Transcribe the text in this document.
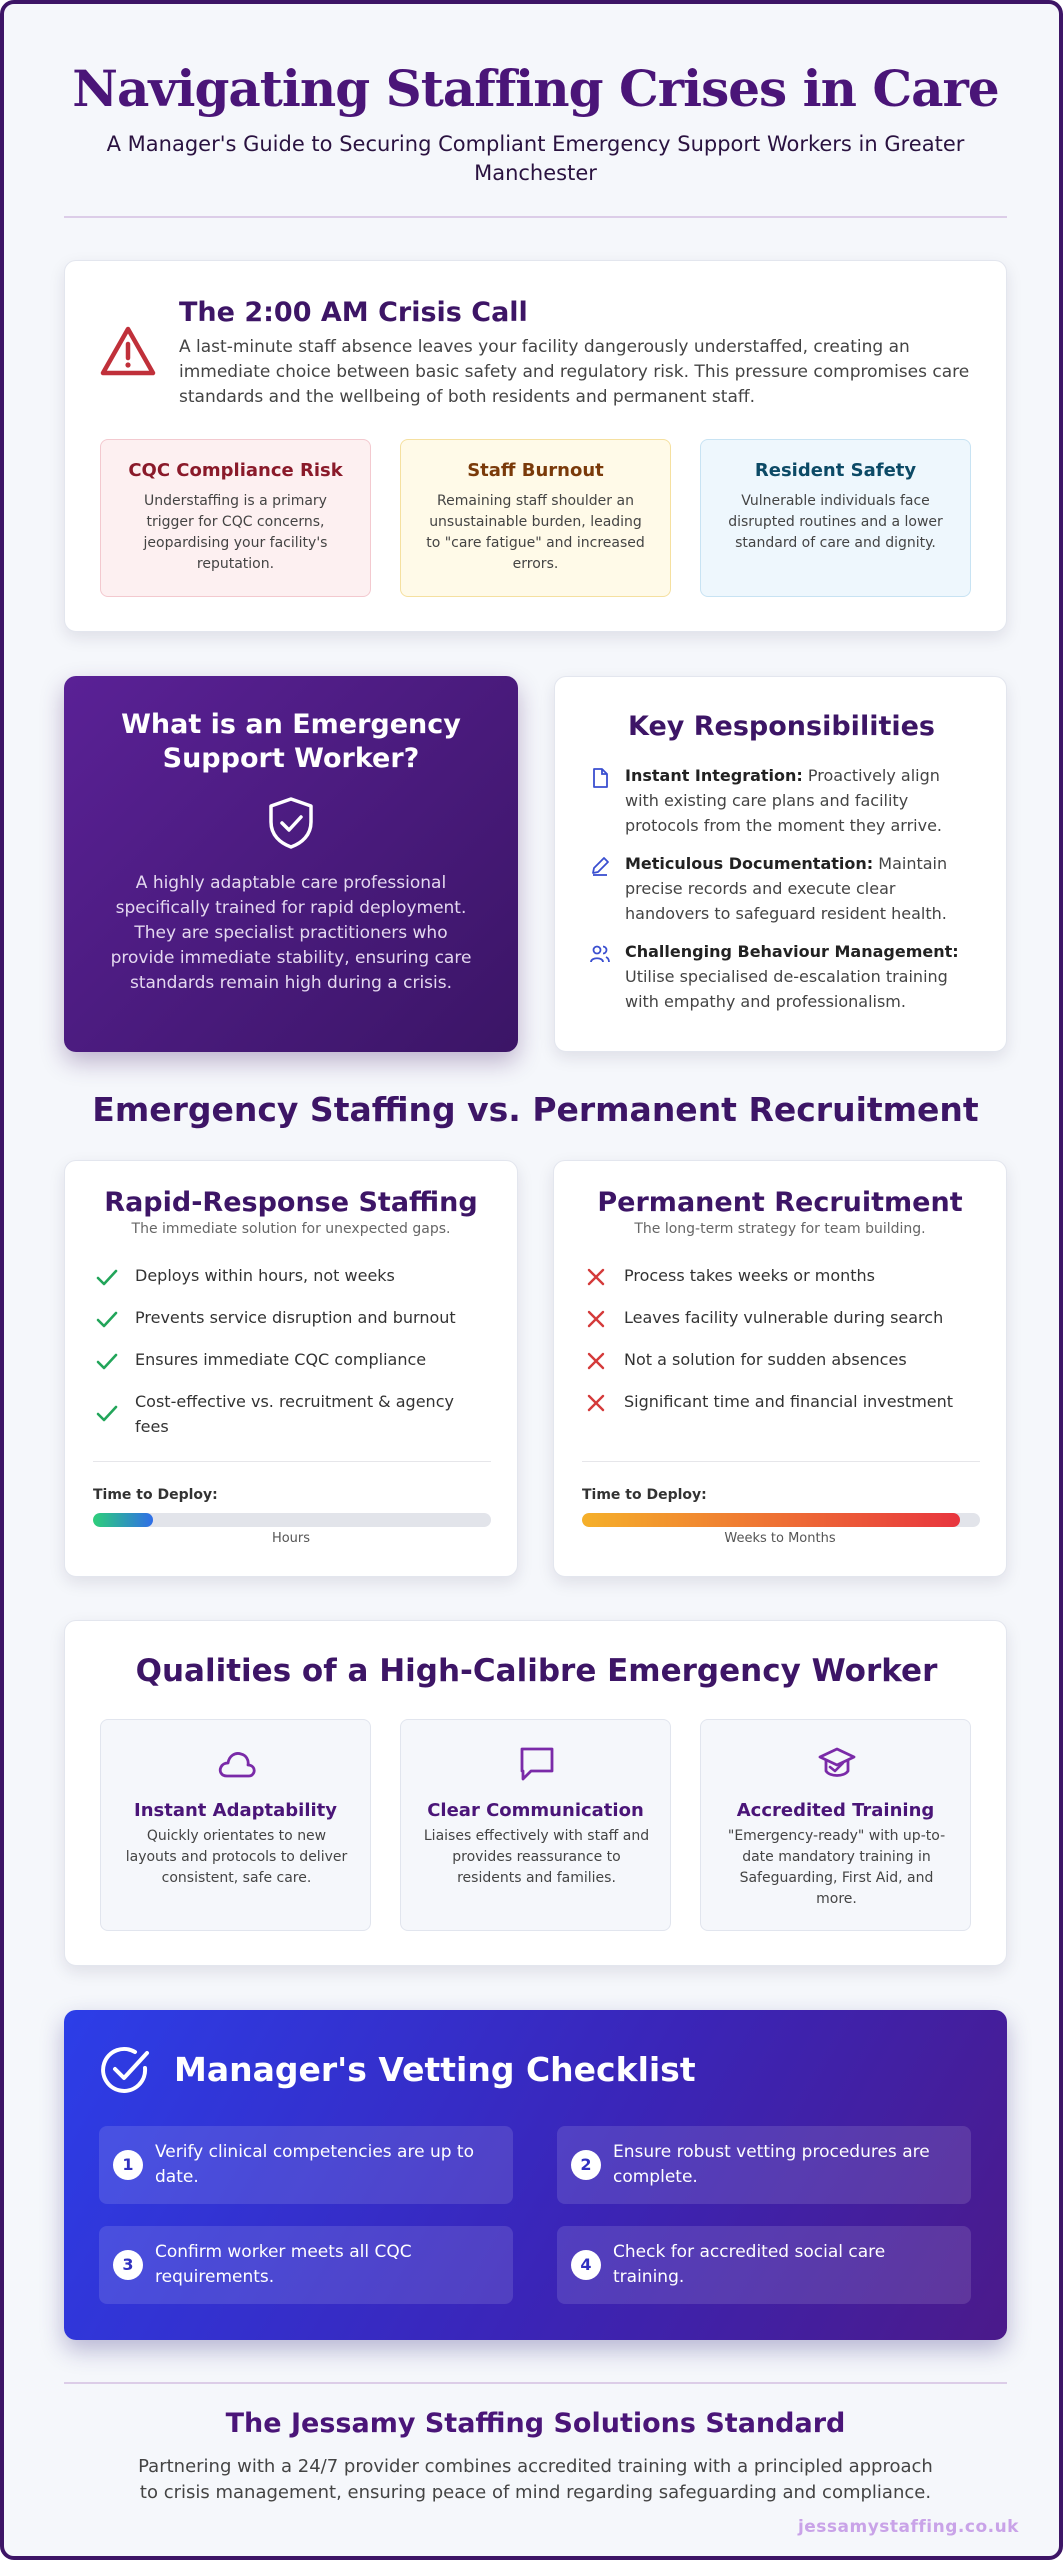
Navigating Staffing Crises in Care

A Manager's Guide to Securing Compliant Emergency Support Workers in Greater Manchester

The 2:00 AM Crisis Call

A last-minute staff absence leaves your facility dangerously understaffed, creating an immediate choice between basic safety and regulatory risk. This pressure compromises care standards and the wellbeing of both residents and permanent staff.

CQC Compliance Risk

Understaffing is a primary trigger for CQC concerns, jeopardising your facility's reputation.

Staff Burnout

Remaining staff shoulder an unsustainable burden, leading to "care fatigue" and increased errors.

Resident Safety

Vulnerable individuals face disrupted routines and a lower standard of care and dignity.

What is an Emergency Support Worker?

A highly adaptable care professional specifically trained for rapid deployment. They are specialist practitioners who provide immediate stability, ensuring care standards remain high during a crisis.

Key Responsibilities

Instant Integration: Proactively align with existing care plans and facility protocols from the moment they arrive.

Meticulous Documentation: Maintain precise records and execute clear handovers to safeguard resident health.

Challenging Behaviour Management: Utilise specialised de-escalation training with empathy and professionalism.

Emergency Staffing vs. Permanent Recruitment
Rapid-Response Staffing

The immediate solution for unexpected gaps.

Deploys within hours, not weeks

Prevents service disruption and burnout

Ensures immediate CQC compliance

Cost-effective vs. recruitment & agency fees

Time to Deploy:

Hours

Permanent Recruitment

The long-term strategy for team building.

Process takes weeks or months

Leaves facility vulnerable during search

Not a solution for sudden absences

Significant time and financial investment

Time to Deploy:

Weeks to Months

Qualities of a High-Calibre Emergency Worker
Instant Adaptability

Quickly orientates to new layouts and protocols to deliver consistent, safe care.

Clear Communication

Liaises effectively with staff and provides reassurance to residents and families.

Accredited Training

"Emergency-ready" with up-to-date mandatory training in Safeguarding, First Aid, and more.

Manager's Vetting Checklist
1
Verify clinical competencies are up to date.
2
Ensure robust vetting procedures are complete.
3
Confirm worker meets all CQC requirements.
4
Check for accredited social care training.
The Jessamy Staffing Solutions Standard

Partnering with a 24/7 provider combines accredited training with a principled approach to crisis management, ensuring peace of mind regarding safeguarding and compliance.

jessamystaffing.co.uk
